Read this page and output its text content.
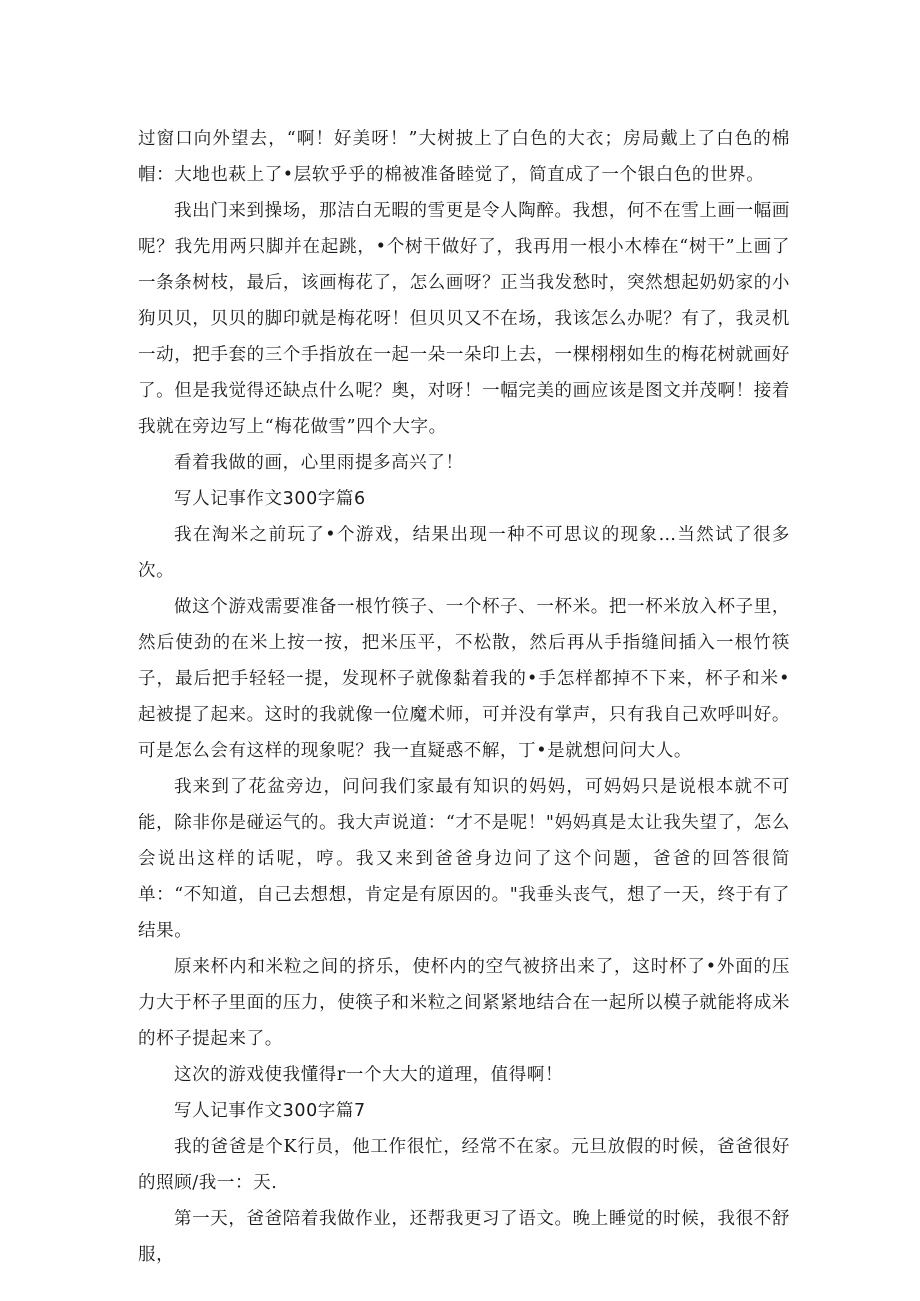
过窗口向外望去，“啊！好美呀！”大树披上了白色的大衣；房局戴上了白色的棉帽：大地也萩上了•层软乎乎的棉被准备睦觉了，简直成了一个银白色的世界。

我出门来到操场，那洁白无暇的雪更是令人陶醉。我想，何不在雪上画一幅画呢？我先用两只脚并在起跳，•个树干做好了，我再用一根小木棒在“树干”上画了一条条树枝，最后，该画梅花了，怎么画呀？正当我发愁时，突然想起奶奶家的小狗贝贝，贝贝的脚印就是梅花呀！但贝贝又不在场，我该怎么办呢？有了，我灵机一动，把手套的三个手指放在一起一朵一朵印上去，一棵栩栩如生的梅花树就画好了。但是我觉得还缺点什么呢？奥，对呀！一幅完美的画应该是图文并茂啊！接着我就在旁边写上“梅花做雪”四个大字。

看着我做的画，心里雨提多高兴了！

写人记事作文300字篇6

我在淘米之前玩了•个游戏，结果出现一种不可思议的现象…当然试了很多次。

做这个游戏需要准备一根竹筷子、一个杯子、一杯米。把一杯米放入杯子里，然后使劲的在米上按一按，把米压平，不松散，然后再从手指缝间插入一根竹筷子，最后把手轻轻一提，发现杯子就像黏着我的•手怎样都掉不下来，杯子和米•起被提了起来。这时的我就像一位魔术师，可并没有掌声，只有我自己欢呼叫好。可是怎么会有这样的现象呢？我一直疑惑不解，丁•是就想问问大人。

我来到了花盆旁边，问问我们家最有知识的妈妈，可妈妈只是说根本就不可能，除非你是碰运气的。我大声说道：“才不是呢！"妈妈真是太让我失望了，怎么会说出这样的话呢，哼。我又来到爸爸身边问了这个问题，爸爸的回答很简单：“不知道，自己去想想，肯定是有原因的。"我垂头丧气，想了一天，终于有了结果。

原来杯内和米粒之间的挤乐，使杯内的空气被挤出来了，这时杯了•外面的压力大于杯子里面的压力，使筷子和米粒之间紧紧地结合在一起所以模子就能将成米的杯子提起来了。

这次的游戏使我懂得r一个大大的道理，值得啊！

写人记事作文300字篇7

我的爸爸是个K行员，他工作很忙，经常不在家。元旦放假的时候，爸爸很好的照顾/我一：天.

第一天，爸爸陪着我做作业，还帮我更习了语文。晚上睡觉的时候，我很不舒服，
